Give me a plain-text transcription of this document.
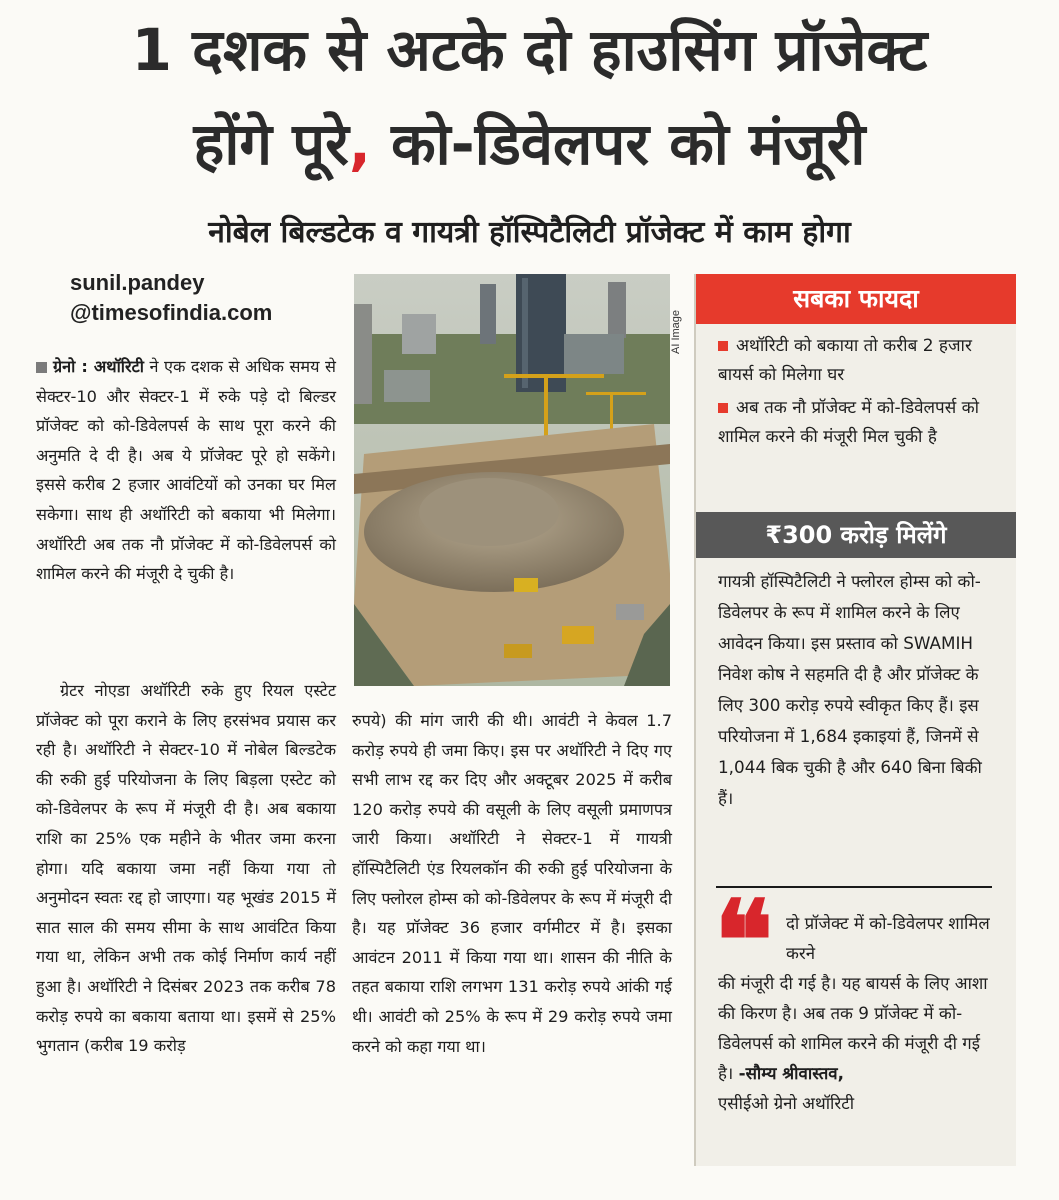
1 दशक से अटके दो हाउसिंग प्रॉजेक्ट
होंगे पूरे, को-डिवेलपर को मंजूरी
नोबेल बिल्डटेक व गायत्री हॉस्पिटैलिटी प्रॉजेक्ट में काम होगा
sunil.pandey
@timesofindia.com

ग्रेनो : अथॉरिटी ने एक दशक से अधिक समय से सेक्टर-10 और सेक्टर-1 में रुके पड़े दो बिल्डर प्रॉजेक्ट को को-डिवेलपर्स के साथ पूरा करने की अनुमति दे दी है। अब ये प्रॉजेक्ट पूरे हो सकेंगे। इससे करीब 2 हजार आवंटियों को उनका घर मिल सकेगा। साथ ही अथॉरिटी को बकाया भी मिलेगा। अथॉरिटी अब तक नौ प्रॉजेक्ट में को-डिवेलपर्स को शामिल करने की मंजूरी दे चुकी है।

ग्रेटर नोएडा अथॉरिटी रुके हुए रियल एस्टेट प्रॉजेक्ट को पूरा कराने के लिए हरसंभव प्रयास कर रही है। अथॉरिटी ने सेक्टर-10 में नोबेल बिल्डटेक की रुकी हुई परियोजना के लिए बिड़ला एस्टेट को को-डिवेलपर के रूप में मंजूरी दी है। अब बकाया राशि का 25% एक महीने के भीतर जमा करना होगा। यदि बकाया जमा नहीं किया गया तो अनुमोदन स्वतः रद्द हो जाएगा। यह भूखंड 2015 में सात साल की समय सीमा के साथ आवंटित किया गया था, लेकिन अभी तक कोई निर्माण कार्य नहीं हुआ है। अथॉरिटी ने दिसंबर 2023 तक करीब 78 करोड़ रुपये का बकाया बताया था। इसमें से 25% भुगतान (करीब 19 करोड़

रुपये) की मांग जारी की थी। आवंटी ने केवल 1.7 करोड़ रुपये ही जमा किए। इस पर अथॉरिटी ने दिए गए सभी लाभ रद्द कर दिए और अक्टूबर 2025 में करीब 120 करोड़ रुपये की वसूली के लिए वसूली प्रमाणपत्र जारी किया। अथॉरिटी ने सेक्टर-1 में गायत्री हॉस्पिटैलिटी एंड रियलकॉन की रुकी हुई परियोजना के लिए फ्लोरल होम्स को को-डिवेलपर के रूप में मंजूरी दी है। यह प्रॉजेक्ट 36 हजार वर्गमीटर में है। इसका आवंटन 2011 में किया गया था। शासन की नीति के तहत बकाया राशि लगभग 131 करोड़ रुपये आंकी गई थी। आवंटी को 25% के रूप में 29 करोड़ रुपये जमा करने को कहा गया था।

AI Image
सबका फायदा
अथॉरिटी को बकाया तो करीब 2 हजार बायर्स को मिलेगा घर
अब तक नौ प्रॉजेक्ट में को-डिवेलपर्स को शामिल करने की मंजूरी मिल चुकी है
₹300 करोड़ मिलेंगे
गायत्री हॉस्पिटैलिटी ने फ्लोरल होम्स को को-डिवेलपर के रूप में शामिल करने के लिए आवेदन किया। इस प्रस्ताव को SWAMIH निवेश कोष ने सहमति दी है और प्रॉजेक्ट के लिए 300 करोड़ रुपये स्वीकृत किए हैं। इस परियोजना में 1,684 इकाइयां हैं, जिनमें से 1,044 बिक चुकी है और 640 बिना बिकी हैं।
❝ दो प्रॉजेक्ट में को-डिवेलपर शामिल करने
की मंजूरी दी गई है। यह बायर्स के लिए आशा की किरण है। अब तक 9 प्रॉजेक्ट में को-डिवेलपर्स को शामिल करने की मंजूरी दी गई है। -सौम्य श्रीवास्तव,
एसीईओ ग्रेनो अथॉरिटी
